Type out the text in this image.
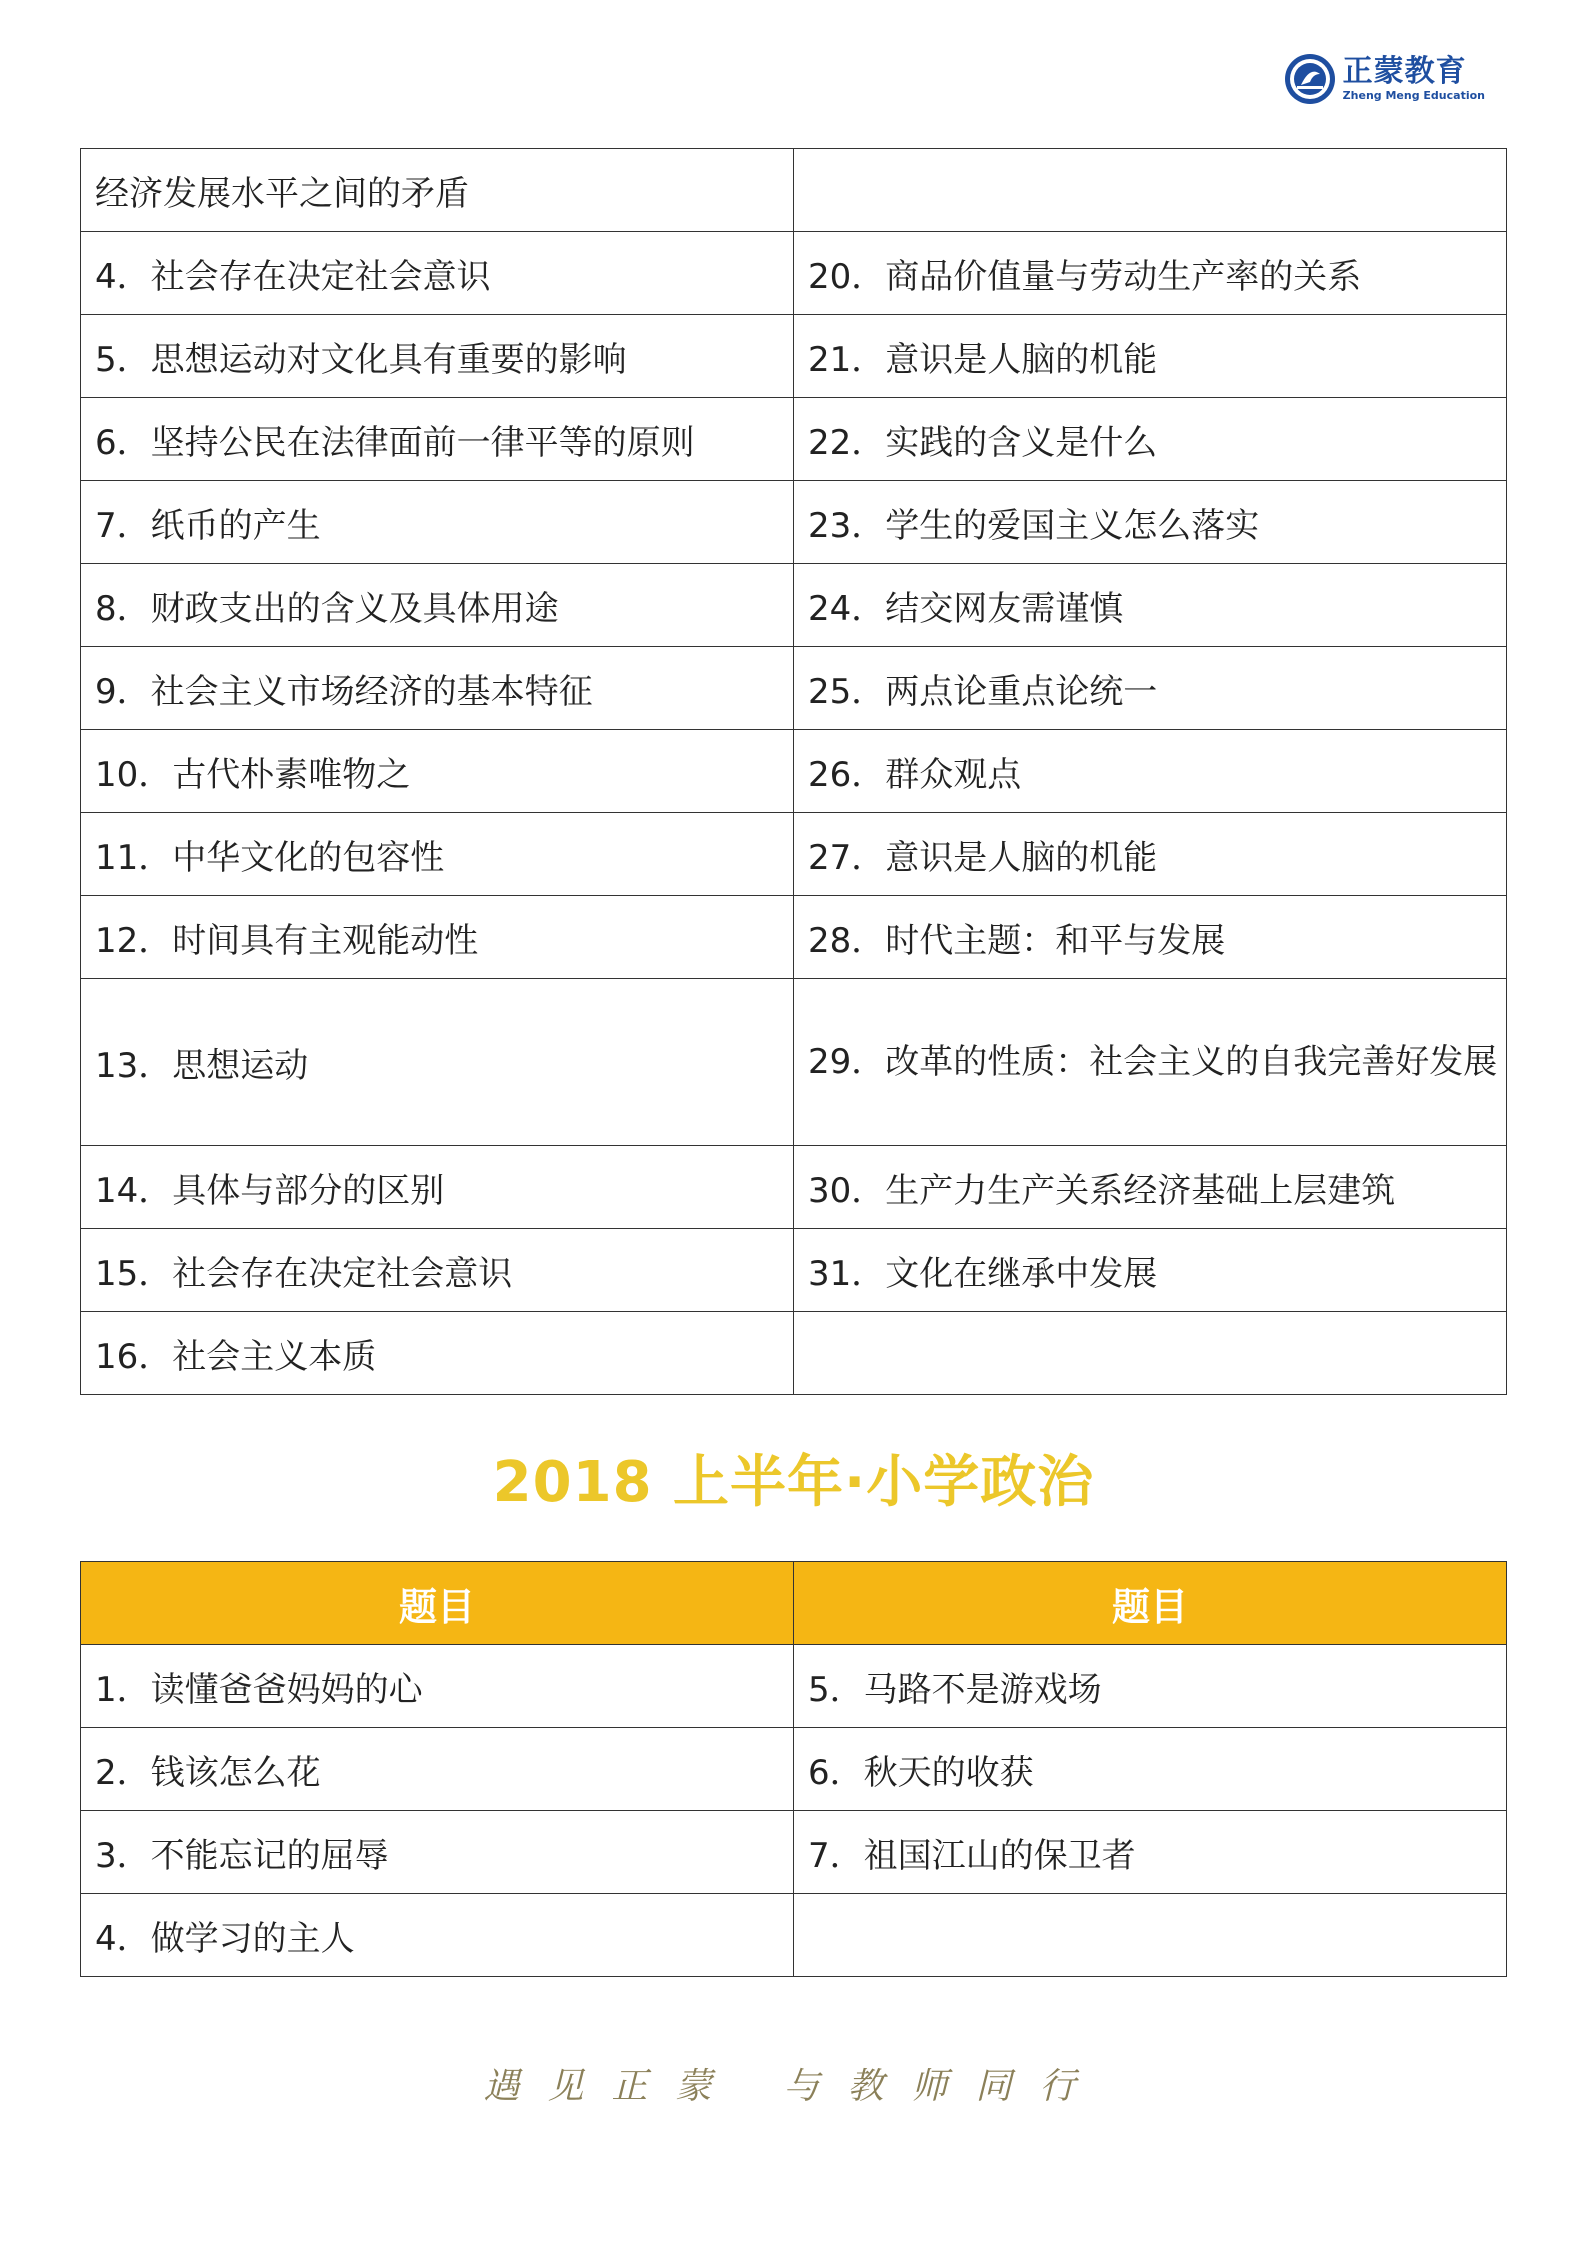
正蒙教育
Zheng Meng Education
经济发展水平之间的矛盾	
4．社会存在决定社会意识	20．商品价值量与劳动生产率的关系
5．思想运动对文化具有重要的影响	21．意识是人脑的机能
6．坚持公民在法律面前一律平等的原则	22．实践的含义是什么
7．纸币的产生	23．学生的爱国主义怎么落实
8．财政支出的含义及具体用途	24．结交网友需谨慎
9．社会主义市场经济的基本特征	25．两点论重点论统一
10．古代朴素唯物之	26．群众观点
11．中华文化的包容性	27．意识是人脑的机能
12．时间具有主观能动性	28．时代主题：和平与发展
13．思想运动	29．改革的性质：社会主义的自我完善好发展
14．具体与部分的区别	30．生产力生产关系经济基础上层建筑
15．社会存在决定社会意识	31．文化在继承中发展
16．社会主义本质	
2018 上半年·小学政治
题目	题目
1．读懂爸爸妈妈的心	5．马路不是游戏场
2．钱该怎么花	6．秋天的收获
3．不能忘记的屈辱	7．祖国江山的保卫者
4．做学习的主人	
遇见正蒙 与教师同行
